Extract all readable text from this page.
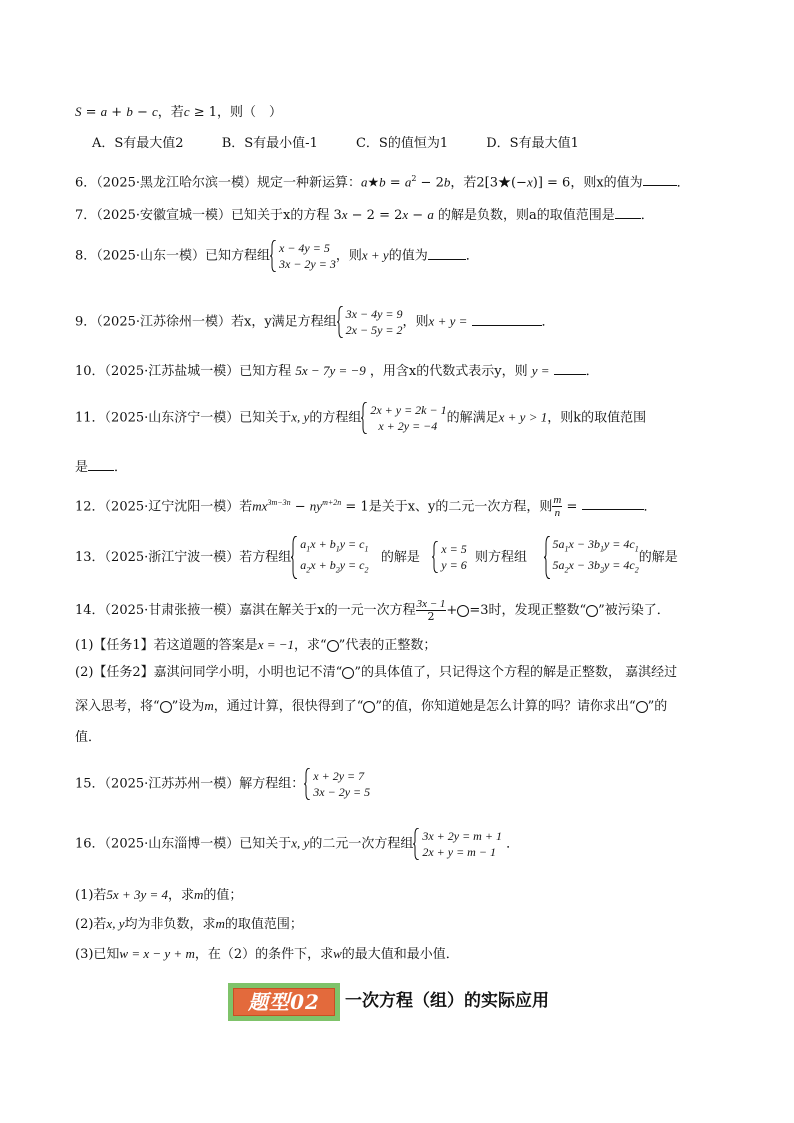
S = a + b − c，若c ≥ 1，则（　）
A．S有最大值2	B．S有最小值-1	C．S的值恒为1	D．S有最大值1
6．（2025·黑龙江哈尔滨一模）规定一种新运算：a★b = $a^2 - 2b$，若2[3★(−x)] = 6，则x的值为	．
7．（2025·安徽宣城一模）已知关于x的方程 3x − 2 = 2x − a 的解是负数，则a的取值范围是 ．
8．（2025·山东一模）已知方程组
x − 4y = 5
3x − 2y = 3
，则x + y的值为	．
9．（2025·江苏徐州一模）若x，y满足方程组
3x − 4y = 9
2x − 5y = 2
，则x + y =	．
10．（2025·江苏盐城一模）已知方程 5x − 7y = −9 ，用含x的代数式表示y，则 y =	．
11．（2025·山东济宁一模）已知关于x, y的方程组
2x + y = 2k − 1
x + 2y = −4
的解满足x + y > 1，则k的取值范围
是 ．
12．（2025·辽宁沈阳一模）若$mx^{3m-3n} - ny^{m+2n} = 1$是关于x、y的二元一次方程，则 $\frac{m}{n}$ =	．
13．（2025·浙江宁波一模）若方程组
$a_1x + b_1y = c_1$
$a_2x + b_2y = c_2$
的解是
x = 5
y = 6
则方程组
$5a_1x - 3b_1y = 4c_1$
$5a_2x - 3b_2y = 4c_2$
的解是
14．（2025·甘肃张掖一模）嘉淇在解关于x的一元一次方程 $\frac{3x - 1}{2} + =3$时，发现正整数“ ”被污染了．
(1)【任务1】若这道题的答案是x = −1，求“ ”代表的正整数；
(2)【任务2】嘉淇问同学小明，小明也记不清“ ”的具体值了，只记得这个方程的解是正整数， 嘉淇经过
深入思考，将“ ”设为m，通过计算，很快得到了“ ”的值，你知道她是怎么计算的吗？请你求出“ ”的
值．
15．（2025·江苏苏州一模）解方程组：
x + 2y = 7
3x − 2y = 5
16．（2025·山东淄博一模）已知关于x, y的二元一次方程组
3x + 2y = m + 1
2x + y = m − 1
．
(1)若5x + 3y = 4，求m的值；
(2)若x, y均为非负数，求m的取值范围；
(3)已知w = x − y + m，在（2）的条件下，求w的最大值和最小值．
题型02	一次方程（组）的实际应用
